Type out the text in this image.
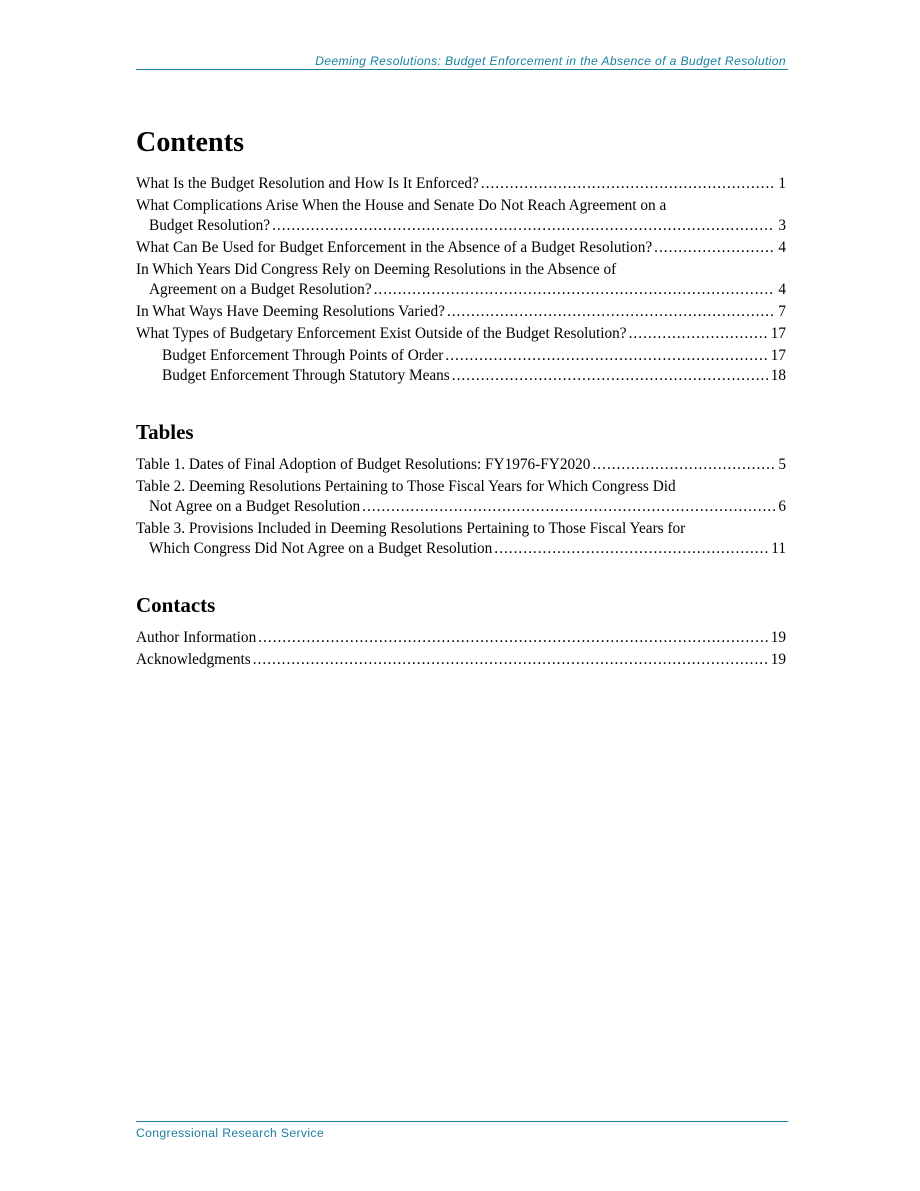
Deeming Resolutions: Budget Enforcement in the Absence of a Budget Resolution
Contents
What Is the Budget Resolution and How Is It Enforced? .....	1
What Complications Arise When the House and Senate Do Not Reach Agreement on a
Budget Resolution? .....	3
What Can Be Used for Budget Enforcement in the Absence of a Budget Resolution? .....	4
In Which Years Did Congress Rely on Deeming Resolutions in the Absence of
Agreement on a Budget Resolution? .....	4
In What Ways Have Deeming Resolutions Varied? .....	7
What Types of Budgetary Enforcement Exist Outside of the Budget Resolution? .....	17
Budget Enforcement Through Points of Order .....	17
Budget Enforcement Through Statutory Means .....	18
Tables
Table 1. Dates of Final Adoption of Budget Resolutions: FY1976-FY2020 .....	5
Table 2. Deeming Resolutions Pertaining to Those Fiscal Years for Which Congress Did
Not Agree on a Budget Resolution .....	6
Table 3. Provisions Included in Deeming Resolutions Pertaining to Those Fiscal Years for
Which Congress Did Not Agree on a Budget Resolution .....	11
Contacts
Author Information .....	19
Acknowledgments .....	19
Congressional Research Service
